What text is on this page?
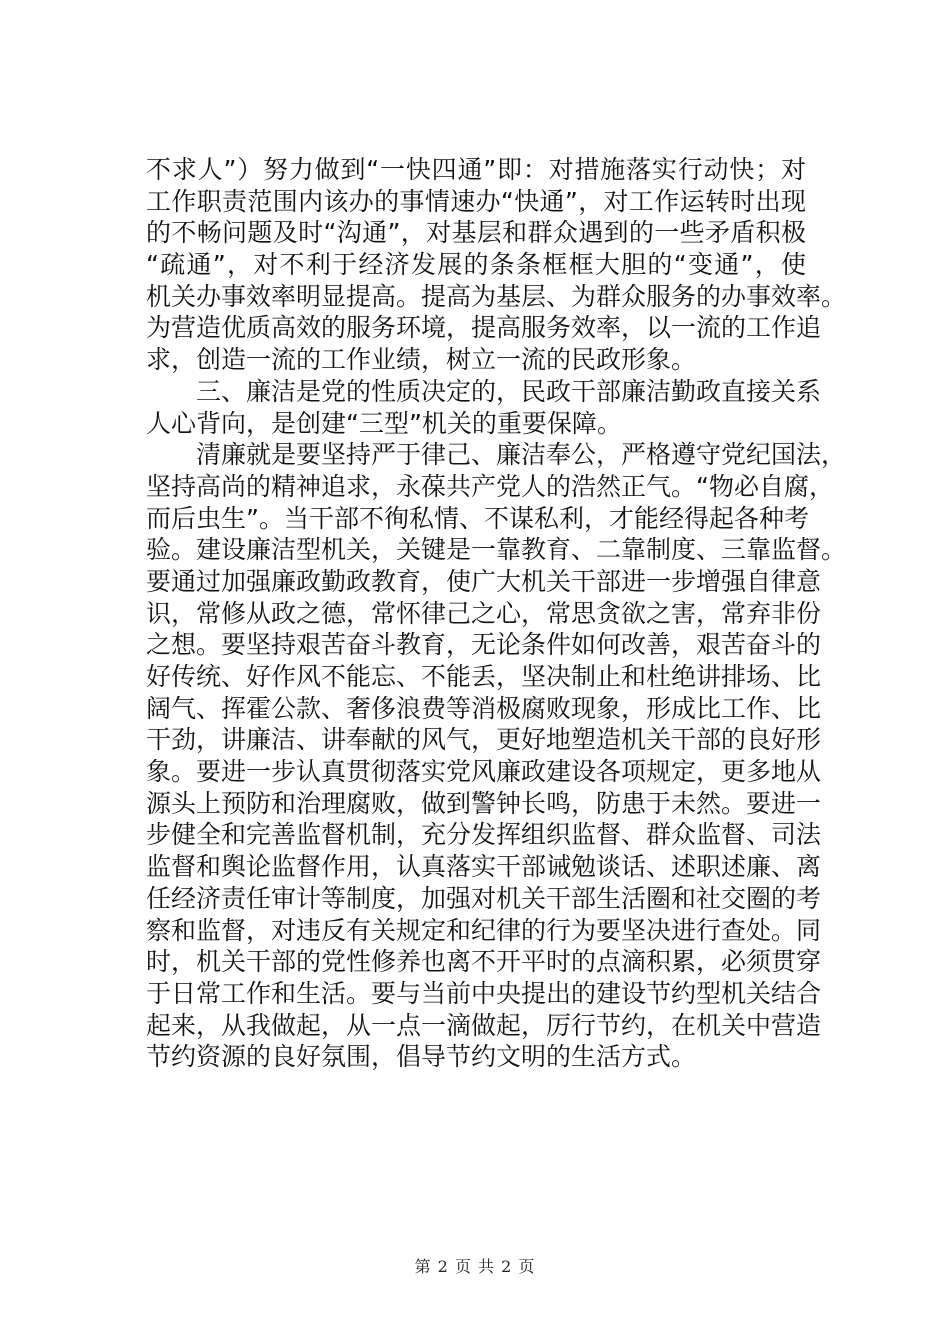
不求人”）努力做到“一快四通”即：对措施落实行动快；对
工作职责范围内该办的事情速办“快通”，对工作运转时出现
的不畅问题及时“沟通”，对基层和群众遇到的一些矛盾积极
“疏通”，对不利于经济发展的条条框框大胆的“变通”，使
机关办事效率明显提高。提高为基层、为群众服务的办事效率。
为营造优质高效的服务环境，提高服务效率，以一流的工作追
求，创造一流的工作业绩，树立一流的民政形象。
三、廉洁是党的性质决定的，民政干部廉洁勤政直接关系
人心背向，是创建“三型”机关的重要保障。
清廉就是要坚持严于律己、廉洁奉公，严格遵守党纪国法，
坚持高尚的精神追求，永葆共产党人的浩然正气。“物必自腐，
而后虫生”。当干部不徇私情、不谋私利，才能经得起各种考
验。建设廉洁型机关，关键是一靠教育、二靠制度、三靠监督。
要通过加强廉政勤政教育，使广大机关干部进一步增强自律意
识，常修从政之德，常怀律己之心，常思贪欲之害，常弃非份
之想。要坚持艰苦奋斗教育，无论条件如何改善，艰苦奋斗的
好传统、好作风不能忘、不能丢，坚决制止和杜绝讲排场、比
阔气、挥霍公款、奢侈浪费等消极腐败现象，形成比工作、比
干劲，讲廉洁、讲奉献的风气，更好地塑造机关干部的良好形
象。要进一步认真贯彻落实党风廉政建设各项规定，更多地从
源头上预防和治理腐败，做到警钟长鸣，防患于未然。要进一
步健全和完善监督机制，充分发挥组织监督、群众监督、司法
监督和舆论监督作用，认真落实干部诫勉谈话、述职述廉、离
任经济责任审计等制度，加强对机关干部生活圈和社交圈的考
察和监督，对违反有关规定和纪律的行为要坚决进行查处。同
时，机关干部的党性修养也离不开平时的点滴积累，必须贯穿
于日常工作和生活。要与当前中央提出的建设节约型机关结合
起来，从我做起，从一点一滴做起，厉行节约，在机关中营造
节约资源的良好氛围，倡导节约文明的生活方式。
第 2 页 共 2 页
